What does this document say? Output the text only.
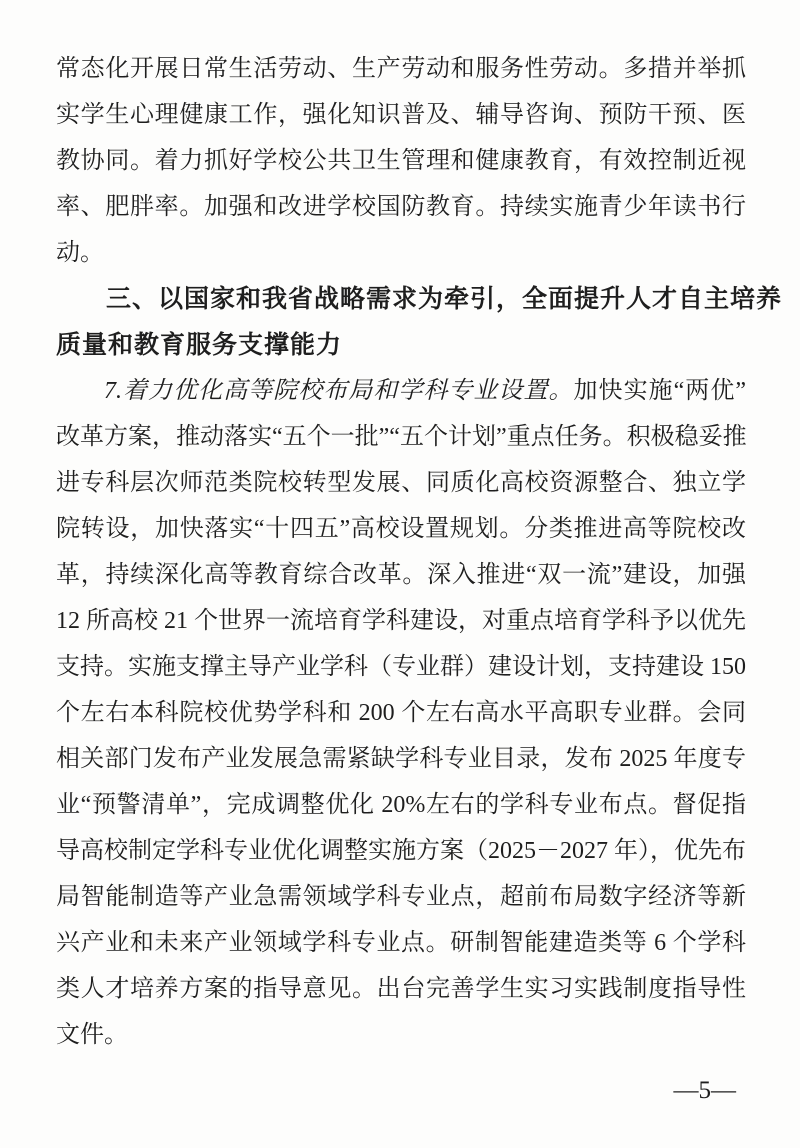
常态化开展日常生活劳动、生产劳动和服务性劳动。多措并举抓

实学生心理健康工作，强化知识普及、辅导咨询、预防干预、医

教协同。着力抓好学校公共卫生管理和健康教育，有效控制近视

率、肥胖率。加强和改进学校国防教育。持续实施青少年读书行

动。

三、以国家和我省战略需求为牵引，全面提升人才自主培养

质量和教育服务支撑能力

7.着力优化高等院校布局和学科专业设置。加快实施“两优”

改革方案，推动落实“五个一批”“五个计划”重点任务。积极稳妥推

进专科层次师范类院校转型发展、同质化高校资源整合、独立学

院转设，加快落实“十四五”高校设置规划。分类推进高等院校改

革，持续深化高等教育综合改革。深入推进“双一流”建设，加强

12 所高校 21 个世界一流培育学科建设，对重点培育学科予以优先

支持。实施支撑主导产业学科（专业群）建设计划，支持建设 150

个左右本科院校优势学科和 200 个左右高水平高职专业群。会同

相关部门发布产业发展急需紧缺学科专业目录，发布 2025 年度专

业“预警清单”，完成调整优化 20%左右的学科专业布点。督促指

导高校制定学科专业优化调整实施方案（2025－2027 年），优先布

局智能制造等产业急需领域学科专业点，超前布局数字经济等新

兴产业和未来产业领域学科专业点。研制智能建造类等 6 个学科

类人才培养方案的指导意见。出台完善学生实习实践制度指导性

文件。

—5—
